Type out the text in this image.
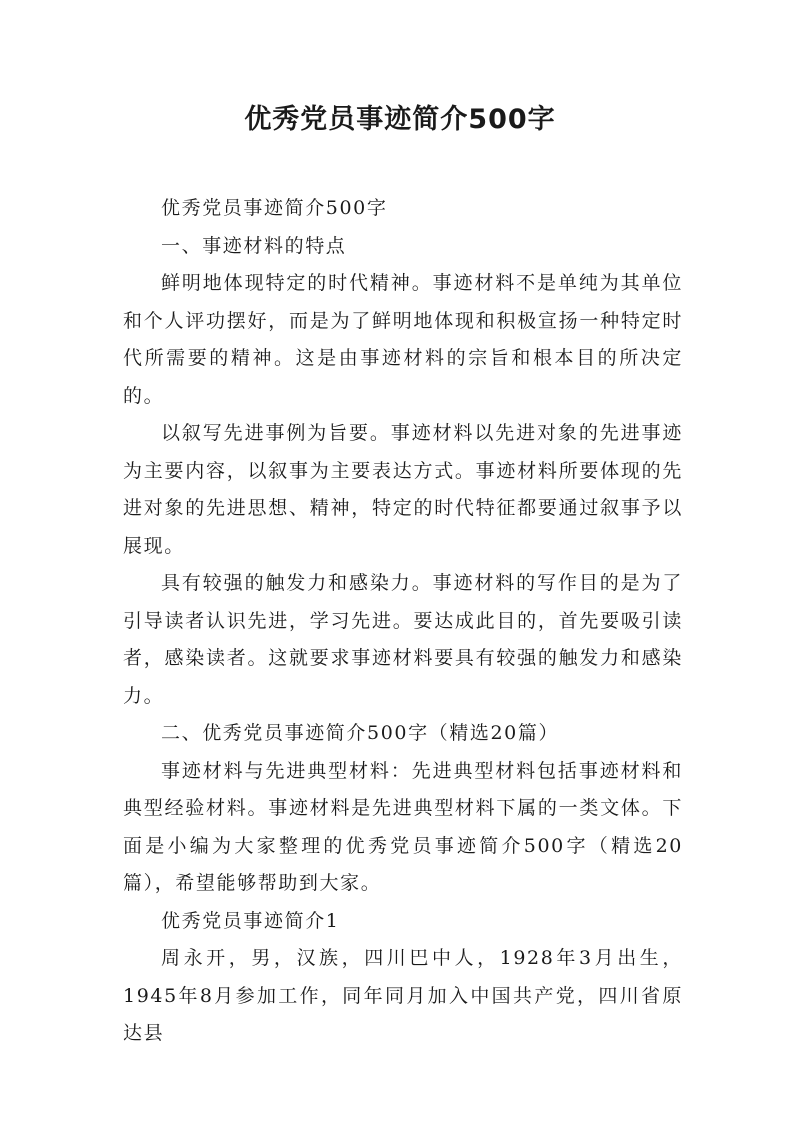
优秀党员事迹简介500字

优秀党员事迹简介500字

一、事迹材料的特点

鲜明地体现特定的时代精神。事迹材料不是单纯为其单位和个人评功摆好，而是为了鲜明地体现和积极宣扬一种特定时代所需要的精神。这是由事迹材料的宗旨和根本目的所决定的。

以叙写先进事例为旨要。事迹材料以先进对象的先进事迹为主要内容，以叙事为主要表达方式。事迹材料所要体现的先进对象的先进思想、精神，特定的时代特征都要通过叙事予以展现。

具有较强的触发力和感染力。事迹材料的写作目的是为了引导读者认识先进，学习先进。要达成此目的，首先要吸引读者，感染读者。这就要求事迹材料要具有较强的触发力和感染力。

二、优秀党员事迹简介500字（精选20篇）

事迹材料与先进典型材料：先进典型材料包括事迹材料和典型经验材料。事迹材料是先进典型材料下属的一类文体。下面是小编为大家整理的优秀党员事迹简介500字（精选20篇），希望能够帮助到大家。

优秀党员事迹简介1

周永开，男，汉族，四川巴中人，1928年3月出生，1945年8月参加工作，同年同月加入中国共产党，四川省原达县
